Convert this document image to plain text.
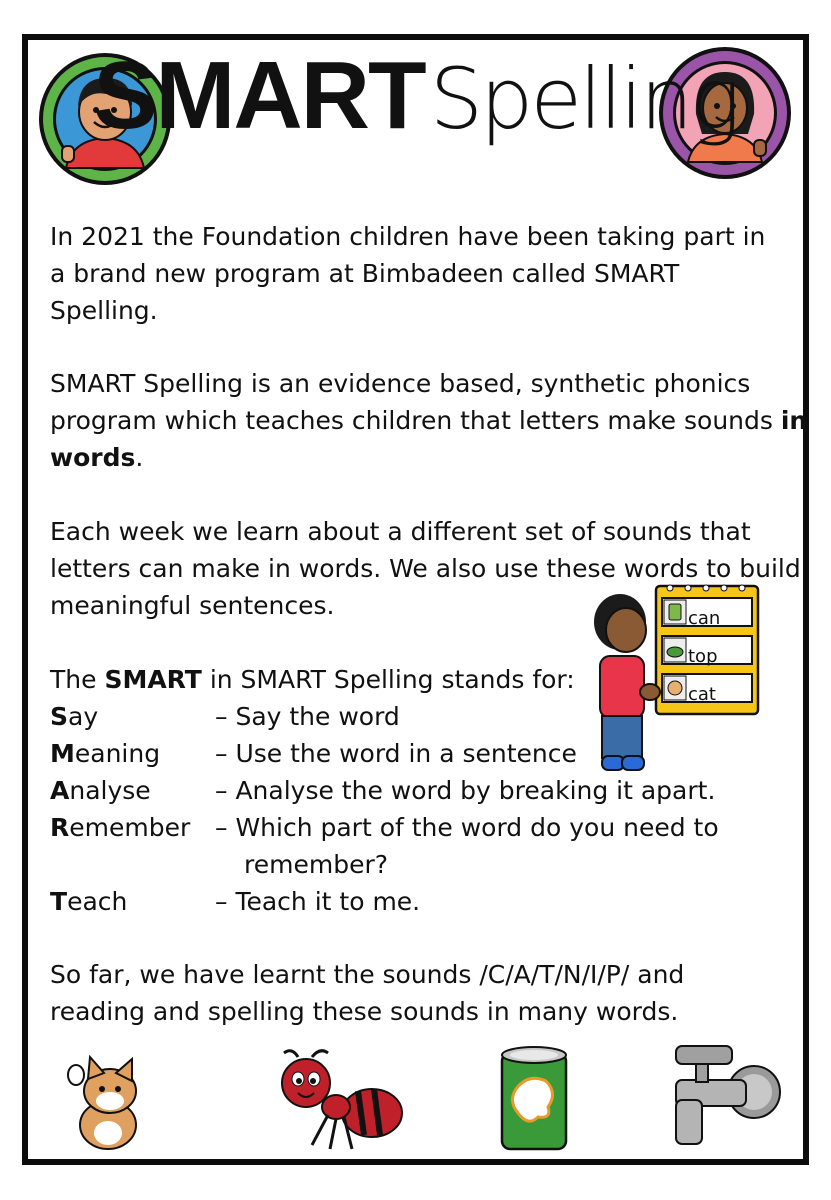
SMART Spelling
In 2021 the Foundation children have been taking part in
a brand new program at Bimbadeen called SMART
Spelling.
SMART Spelling is an evidence based, synthetic phonics
program which teaches children that letters make sounds in
words.
Each week we learn about a different set of sounds that
letters can make in words. We also use these words to build
meaningful sentences.	can
top
cat
The SMART in SMART Spelling stands for:
Say	– Say the word
Meaning – Use the word in a sentence
Analyse	– Analyse the word by breaking it apart.
Remember – Which part of the word do you need to
remember?
Teach	– Teach it to me.
So far, we have learnt the sounds /C/A/T/N/I/P/ and
reading and spelling these sounds in many words.
